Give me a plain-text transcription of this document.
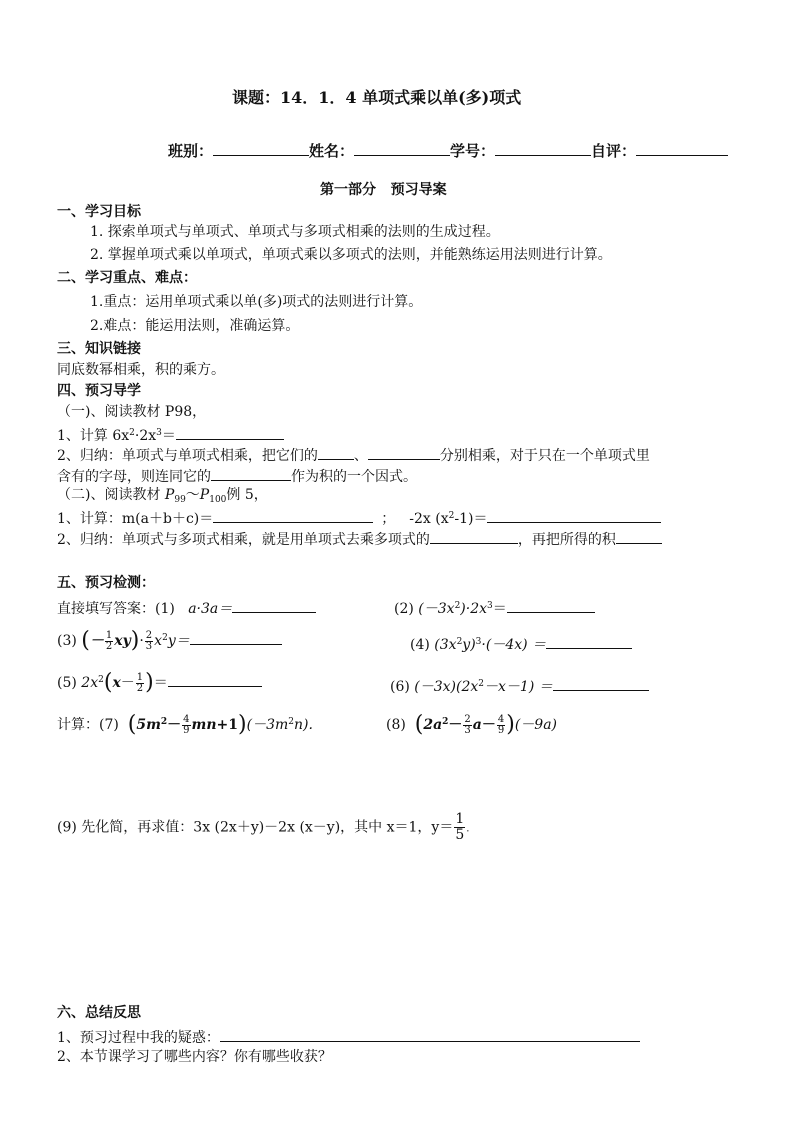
课题：14．1．4 单项式乘以单(多)项式
班别：	姓名：	学号：	自评：
第一部分   预习导案
一、学习目标
1. 探索单项式与单项式、单项式与多项式相乘的法则的生成过程。
2. 掌握单项式乘以单项式，单项式乘以多项式的法则，并能熟练运用法则进行计算。
二、学习重点、难点：
1.重点：运用单项式乘以单(多)项式的法则进行计算。
2.难点：能运用法则，准确运算。
三、知识链接
同底数幂相乘，积的乘方。
四、预习导学
（一)、阅读教材 P98，
1、计算 $6x^2\cdot 2x^3=$
2、归纳：单项式与单项式相乘，把它们的	、	分别相乘，对于只在一个单项式里
含有的字母，则连同它的	作为积的一个因式。
（二)、阅读教材 $P_{99}\sim P_{100}$例 5，
1、计算：m(a＋b＋c)＝	； -2x $(x^2-1)=$
2、归纳：单项式与多项式相乘，就是用单项式去乘多项式的	，再把所得的积
五、预习检测：
直接填写答案：(1) a·3a＝	(2) $(-3x^2)\cdot 2x^3=$
(3) (－ $\frac{1}{2} xy)\cdot \frac{2}{3} x^2y=$	(4) $(3x^2y)^3\cdot(-4x)$ ＝
(5) $2x^2(x- \frac{1}{2}$ )＝	(6) $(-3x)(2x^2-x-1)$ ＝
计算：(7) $(5m^2- \frac{4}{9} mn+1)(-3m^2n)$.	(8) $(2a^2- \frac{2}{3} a- \frac{4}{9} )(-9a)$
(9) 先化简，再求值：3x (2x＋y)－2x (x－y)，其中 x＝1，$y= \frac{1}{5}$ .
六、总结反思
1、预习过程中我的疑惑：
2、本节课学习了哪些内容？你有哪些收获？
